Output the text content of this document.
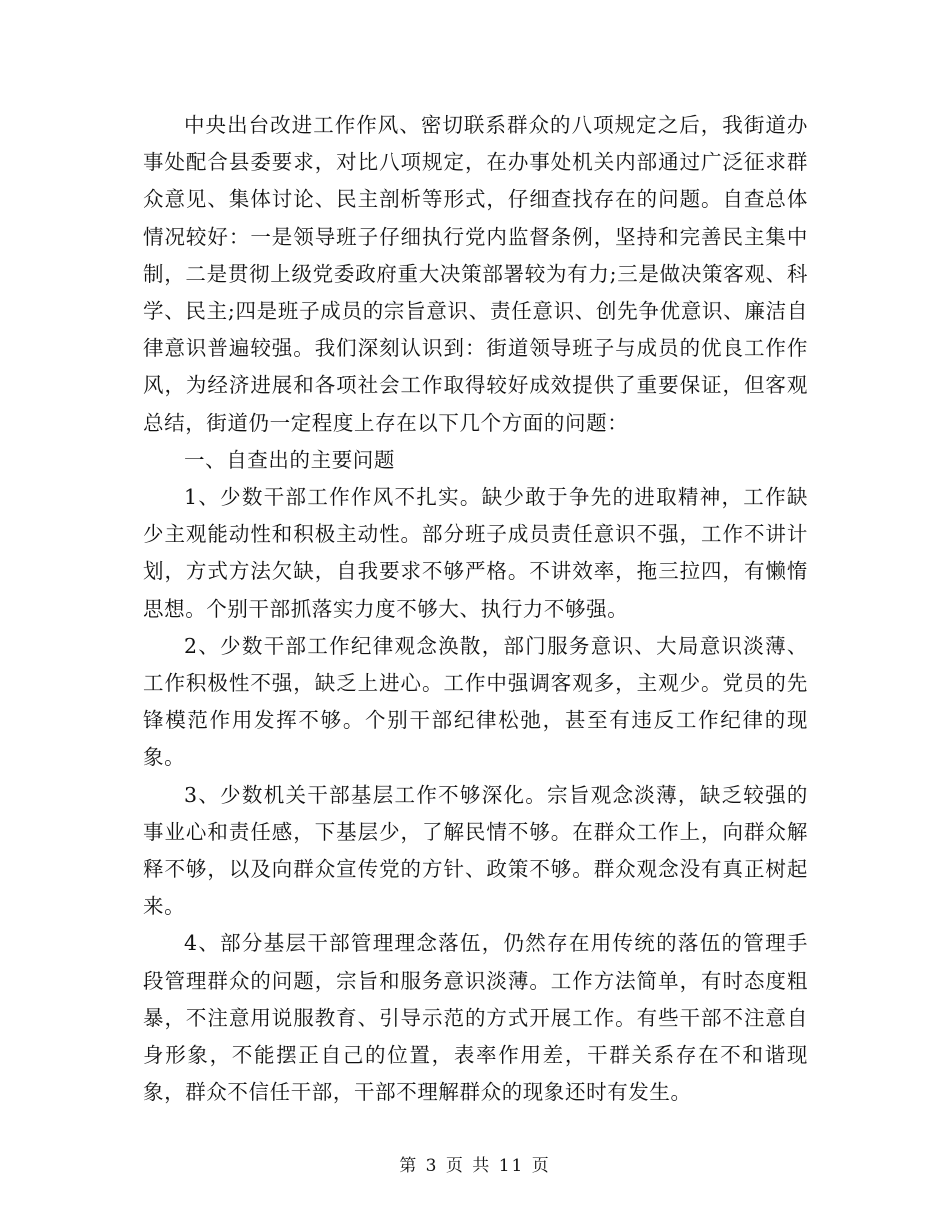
中央出台改进工作作风、密切联系群众的八项规定之后，我街道办事处配合县委要求，对比八项规定，在办事处机关内部通过广泛征求群众意见、集体讨论、民主剖析等形式，仔细查找存在的问题。自查总体情况较好：一是领导班子仔细执行党内监督条例，坚持和完善民主集中制，二是贯彻上级党委政府重大决策部署较为有力;三是做决策客观、科学、民主;四是班子成员的宗旨意识、责任意识、创先争优意识、廉洁自律意识普遍较强。我们深刻认识到：街道领导班子与成员的优良工作作风，为经济进展和各项社会工作取得较好成效提供了重要保证，但客观总结，街道仍一定程度上存在以下几个方面的问题：

一、自查出的主要问题

1、少数干部工作作风不扎实。缺少敢于争先的进取精神，工作缺少主观能动性和积极主动性。部分班子成员责任意识不强，工作不讲计划，方式方法欠缺，自我要求不够严格。不讲效率，拖三拉四，有懒惰思想。个别干部抓落实力度不够大、执行力不够强。

2、少数干部工作纪律观念涣散，部门服务意识、大局意识淡薄、工作积极性不强，缺乏上进心。工作中强调客观多，主观少。党员的先锋模范作用发挥不够。个别干部纪律松弛，甚至有违反工作纪律的现象。

3、少数机关干部基层工作不够深化。宗旨观念淡薄，缺乏较强的事业心和责任感，下基层少，了解民情不够。在群众工作上，向群众解释不够，以及向群众宣传党的方针、政策不够。群众观念没有真正树起来。

4、部分基层干部管理理念落伍，仍然存在用传统的落伍的管理手段管理群众的问题，宗旨和服务意识淡薄。工作方法简单，有时态度粗暴，不注意用说服教育、引导示范的方式开展工作。有些干部不注意自身形象，不能摆正自己的位置，表率作用差，干群关系存在不和谐现象，群众不信任干部，干部不理解群众的现象还时有发生。

第 3 页 共 11 页
